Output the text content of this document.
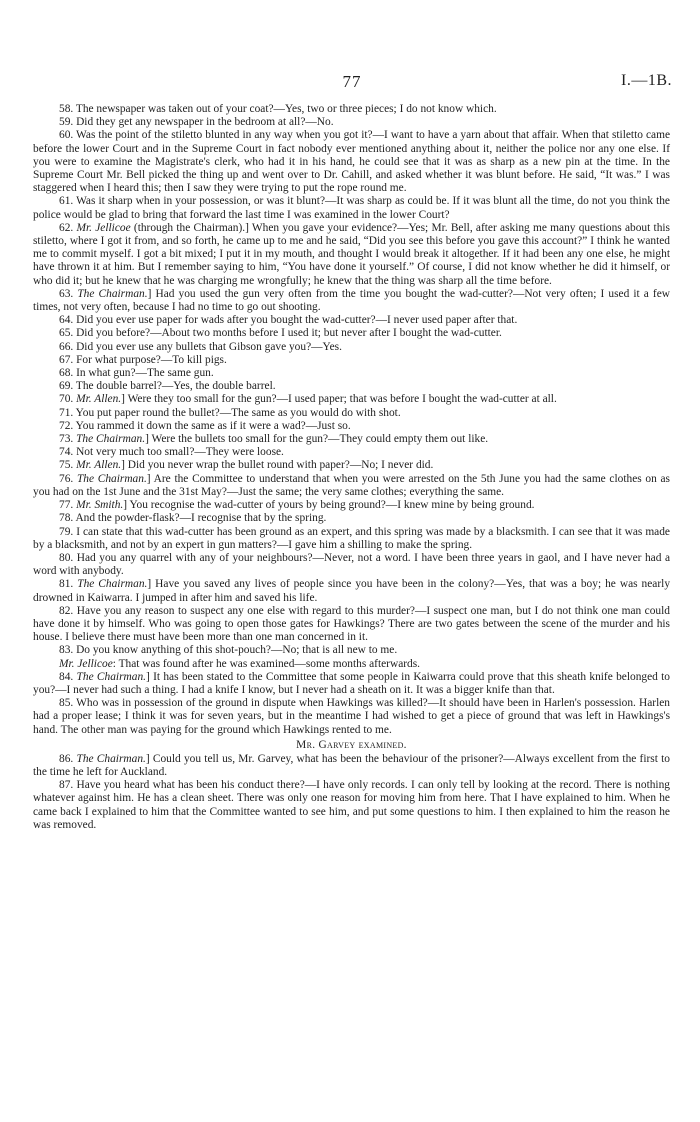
77	I.—1B.

58. The newspaper was taken out of your coat?—Yes, two or three pieces; I do not know which.

59. Did they get any newspaper in the bedroom at all?—No.

60. Was the point of the stiletto blunted in any way when you got it?—I want to have a yarn about that affair. When that stiletto came before the lower Court and in the Supreme Court in fact nobody ever mentioned anything about it, neither the police nor any one else. If you were to examine the Magistrate's clerk, who had it in his hand, he could see that it was as sharp as a new pin at the time. In the Supreme Court Mr. Bell picked the thing up and went over to Dr. Cahill, and asked whether it was blunt before. He said, “It was.” I was staggered when I heard this; then I saw they were trying to put the rope round me.

61. Was it sharp when in your possession, or was it blunt?—It was sharp as could be. If it was blunt all the time, do not you think the police would be glad to bring that forward the last time I was examined in the lower Court?

62. Mr. Jellicoe (through the Chairman).] When you gave your evidence?—Yes; Mr. Bell, after asking me many questions about this stiletto, where I got it from, and so forth, he came up to me and he said, “Did you see this before you gave this account?” I think he wanted me to commit myself. I got a bit mixed; I put it in my mouth, and thought I would break it altogether. If it had been any one else, he might have thrown it at him. But I remember saying to him, “You have done it yourself.” Of course, I did not know whether he did it himself, or who did it; but he knew that he was charging me wrongfully; he knew that the thing was sharp all the time before.

63. The Chairman.] Had you used the gun very often from the time you bought the wad-cutter?—Not very often; I used it a few times, not very often, because I had no time to go out shooting.

64. Did you ever use paper for wads after you bought the wad-cutter?—I never used paper after that.

65. Did you before?—About two months before I used it; but never after I bought the wad-cutter.

66. Did you ever use any bullets that Gibson gave you?—Yes.

67. For what purpose?—To kill pigs.

68. In what gun?—The same gun.

69. The double barrel?—Yes, the double barrel.

70. Mr. Allen.] Were they too small for the gun?—I used paper; that was before I bought the wad-cutter at all.

71. You put paper round the bullet?—The same as you would do with shot.

72. You rammed it down the same as if it were a wad?—Just so.

73. The Chairman.] Were the bullets too small for the gun?—They could empty them out like.

74. Not very much too small?—They were loose.

75. Mr. Allen.] Did you never wrap the bullet round with paper?—No; I never did.

76. The Chairman.] Are the Committee to understand that when you were arrested on the 5th June you had the same clothes on as you had on the 1st June and the 31st May?—Just the same; the very same clothes; everything the same.

77. Mr. Smith.] You recognise the wad-cutter of yours by being ground?—I knew mine by being ground.

78. And the powder-flask?—I recognise that by the spring.

79. I can state that this wad-cutter has been ground as an expert, and this spring was made by a blacksmith. I can see that it was made by a blacksmith, and not by an expert in gun matters?—I gave him a shilling to make the spring.

80. Had you any quarrel with any of your neighbours?—Never, not a word. I have been three years in gaol, and I have never had a word with anybody.

81. The Chairman.] Have you saved any lives of people since you have been in the colony?—Yes, that was a boy; he was nearly drowned in Kaiwarra. I jumped in after him and saved his life.

82. Have you any reason to suspect any one else with regard to this murder?—I suspect one man, but I do not think one man could have done it by himself. Who was going to open those gates for Hawkings? There are two gates between the scene of the murder and his house. I believe there must have been more than one man concerned in it.

83. Do you know anything of this shot-pouch?—No; that is all new to me.

Mr. Jellicoe: That was found after he was examined—some months afterwards.

84. The Chairman.] It has been stated to the Committee that some people in Kaiwarra could prove that this sheath knife belonged to you?—I never had such a thing. I had a knife I know, but I never had a sheath on it. It was a bigger knife than that.

85. Who was in possession of the ground in dispute when Hawkings was killed?—It should have been in Harlen's possession. Harlen had a proper lease; I think it was for seven years, but in the meantime I had wished to get a piece of ground that was left in Hawkings's hand. The other man was paying for the ground which Hawkings rented to me.

Mr. Garvey examined.

86. The Chairman.] Could you tell us, Mr. Garvey, what has been the behaviour of the prisoner?—Always excellent from the first to the time he left for Auckland.

87. Have you heard what has been his conduct there?—I have only records. I can only tell by looking at the record. There is nothing whatever against him. He has a clean sheet. There was only one reason for moving him from here. That I have explained to him. When he came back I explained to him that the Committee wanted to see him, and put some questions to him. I then explained to him the reason he was removed.
